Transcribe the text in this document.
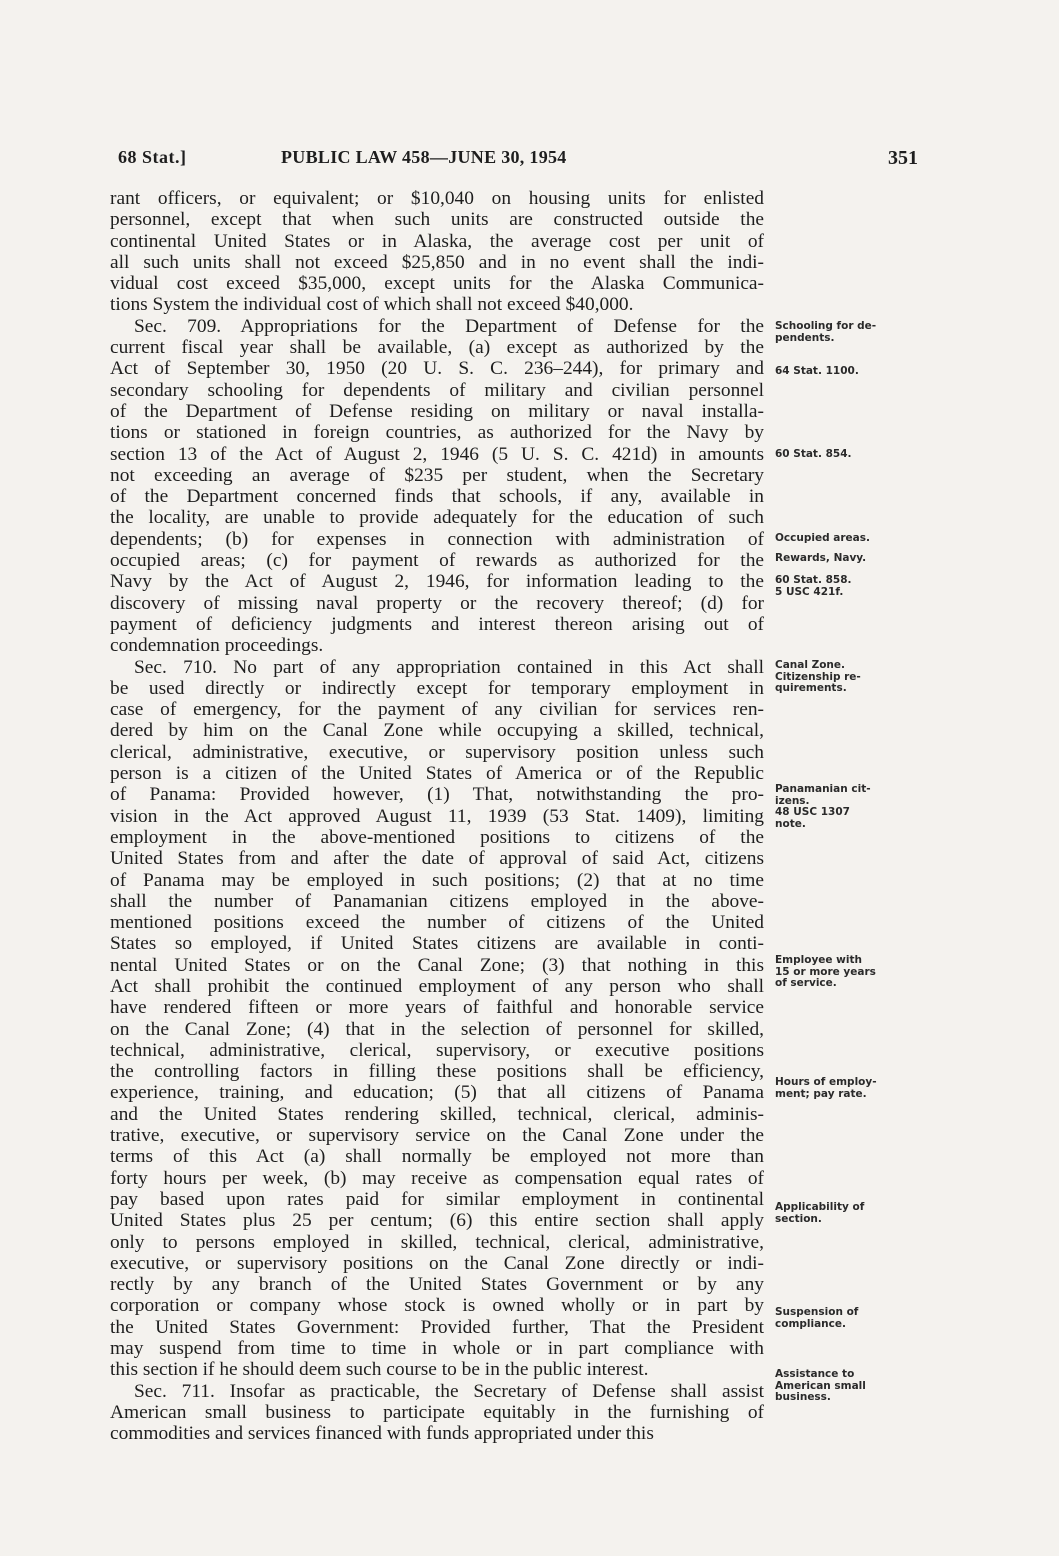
68 Stat.]	PUBLIC LAW 458—JUNE 30, 1954	351
rant officers, or equivalent; or $10,040 on housing units for enlisted
personnel, except that when such units are constructed outside the
continental United States or in Alaska, the average cost per unit of
all such units shall not exceed $25,850 and in no event shall the indi-
vidual cost exceed $35,000, except units for the Alaska Communica-
tions System the individual cost of which shall not exceed $40,000.
Sec. 709. Appropriations for the Department of Defense for the
current fiscal year shall be available, (a) except as authorized by the
Act of September 30, 1950 (20 U. S. C. 236–244), for primary and
secondary schooling for dependents of military and civilian personnel
of the Department of Defense residing on military or naval installa-
tions or stationed in foreign countries, as authorized for the Navy by
section 13 of the Act of August 2, 1946 (5 U. S. C. 421d) in amounts
not exceeding an average of $235 per student, when the Secretary
of the Department concerned finds that schools, if any, available in
the locality, are unable to provide adequately for the education of such
dependents; (b) for expenses in connection with administration of
occupied areas; (c) for payment of rewards as authorized for the
Navy by the Act of August 2, 1946, for information leading to the
discovery of missing naval property or the recovery thereof; (d) for
payment of deficiency judgments and interest thereon arising out of
condemnation proceedings.
Sec. 710. No part of any appropriation contained in this Act shall
be used directly or indirectly except for temporary employment in
case of emergency, for the payment of any civilian for services ren-
dered by him on the Canal Zone while occupying a skilled, technical,
clerical, administrative, executive, or supervisory position unless such
person is a citizen of the United States of America or of the Republic
of Panama: Provided however, (1) That, notwithstanding the pro-
vision in the Act approved August 11, 1939 (53 Stat. 1409), limiting
employment in the above-mentioned positions to citizens of the
United States from and after the date of approval of said Act, citizens
of Panama may be employed in such positions; (2) that at no time
shall the number of Panamanian citizens employed in the above-
mentioned positions exceed the number of citizens of the United
States so employed, if United States citizens are available in conti-
nental United States or on the Canal Zone; (3) that nothing in this
Act shall prohibit the continued employment of any person who shall
have rendered fifteen or more years of faithful and honorable service
on the Canal Zone; (4) that in the selection of personnel for skilled,
technical, administrative, clerical, supervisory, or executive positions
the controlling factors in filling these positions shall be efficiency,
experience, training, and education; (5) that all citizens of Panama
and the United States rendering skilled, technical, clerical, adminis-
trative, executive, or supervisory service on the Canal Zone under the
terms of this Act (a) shall normally be employed not more than
forty hours per week, (b) may receive as compensation equal rates of
pay based upon rates paid for similar employment in continental
United States plus 25 per centum; (6) this entire section shall apply
only to persons employed in skilled, technical, clerical, administrative,
executive, or supervisory positions on the Canal Zone directly or indi-
rectly by any branch of the United States Government or by any
corporation or company whose stock is owned wholly or in part by
the United States Government: Provided further, That the President
may suspend from time to time in whole or in part compliance with
this section if he should deem such course to be in the public interest.
Sec. 711. Insofar as practicable, the Secretary of Defense shall assist
American small business to participate equitably in the furnishing of
commodities and services financed with funds appropriated under this
Schooling for de-
pendents.
64 Stat. 1100.
60 Stat. 854.
Occupied areas.
Rewards, Navy.
60 Stat. 858.
5 USC 421f.
Canal Zone.
Citizenship re-
quirements.
Panamanian cit-
izens.
48 USC 1307
note.
Employee with
15 or more years
of service.
Hours of employ-
ment; pay rate.
Applicability of
section.
Suspension of
compliance.
Assistance to
American small
business.
